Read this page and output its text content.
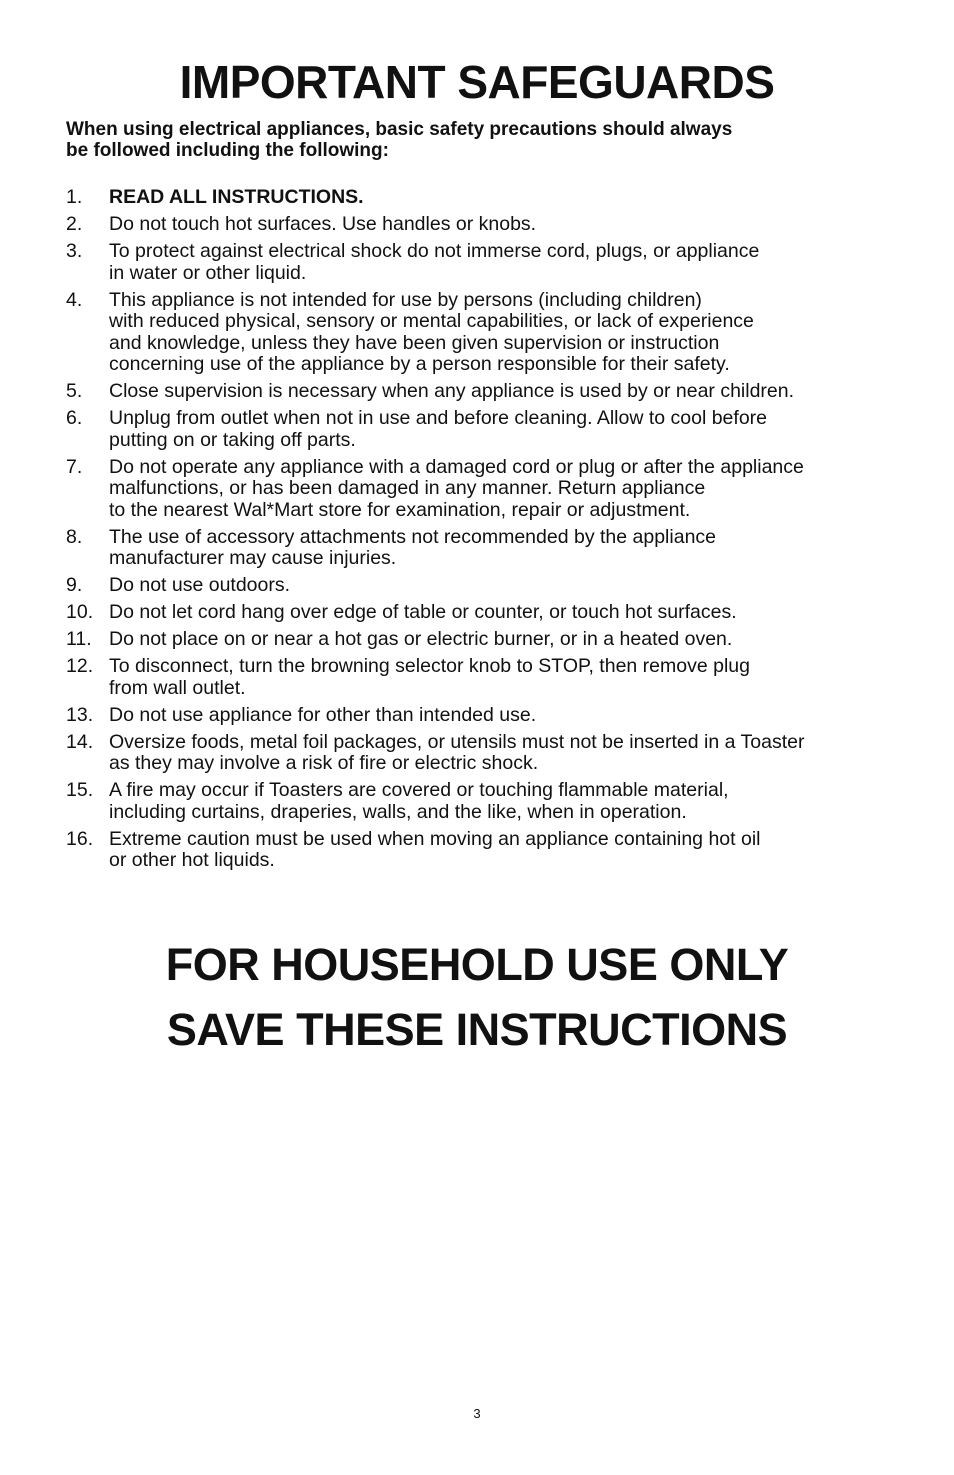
IMPORTANT SAFEGUARDS
When using electrical appliances, basic safety precautions should always
be followed including the following:
1.	READ ALL INSTRUCTIONS.
2.	Do not touch hot surfaces. Use handles or knobs.
3.	To protect against electrical shock do not immerse cord, plugs, or appliance
in water or other liquid.
4.	This appliance is not intended for use by persons (including children)
with reduced physical, sensory or mental capabilities, or lack of experience
and knowledge, unless they have been given supervision or instruction
concerning use of the appliance by a person responsible for their safety.
5.	Close supervision is necessary when any appliance is used by or near children.
6.	Unplug from outlet when not in use and before cleaning. Allow to cool before
putting on or taking off parts.
7.	Do not operate any appliance with a damaged cord or plug or after the appliance
malfunctions, or has been damaged in any manner. Return appliance
to the nearest Wal*Mart store for examination, repair or adjustment.
8.	The use of accessory attachments not recommended by the appliance
manufacturer may cause injuries.
9.	Do not use outdoors.
10. Do not let cord hang over edge of table or counter, or touch hot surfaces.
11. Do not place on or near a hot gas or electric burner, or in a heated oven.
12. To disconnect, turn the browning selector knob to STOP, then remove plug
from wall outlet.
13. Do not use appliance for other than intended use.
14. Oversize foods, metal foil packages, or utensils must not be inserted in a Toaster
as they may involve a risk of fire or electric shock.
15. A fire may occur if Toasters are covered or touching flammable material,
including curtains, draperies, walls, and the like, when in operation.
16. Extreme caution must be used when moving an appliance containing hot oil
or other hot liquids.
FOR HOUSEHOLD USE ONLY
SAVE THESE INSTRUCTIONS
3
